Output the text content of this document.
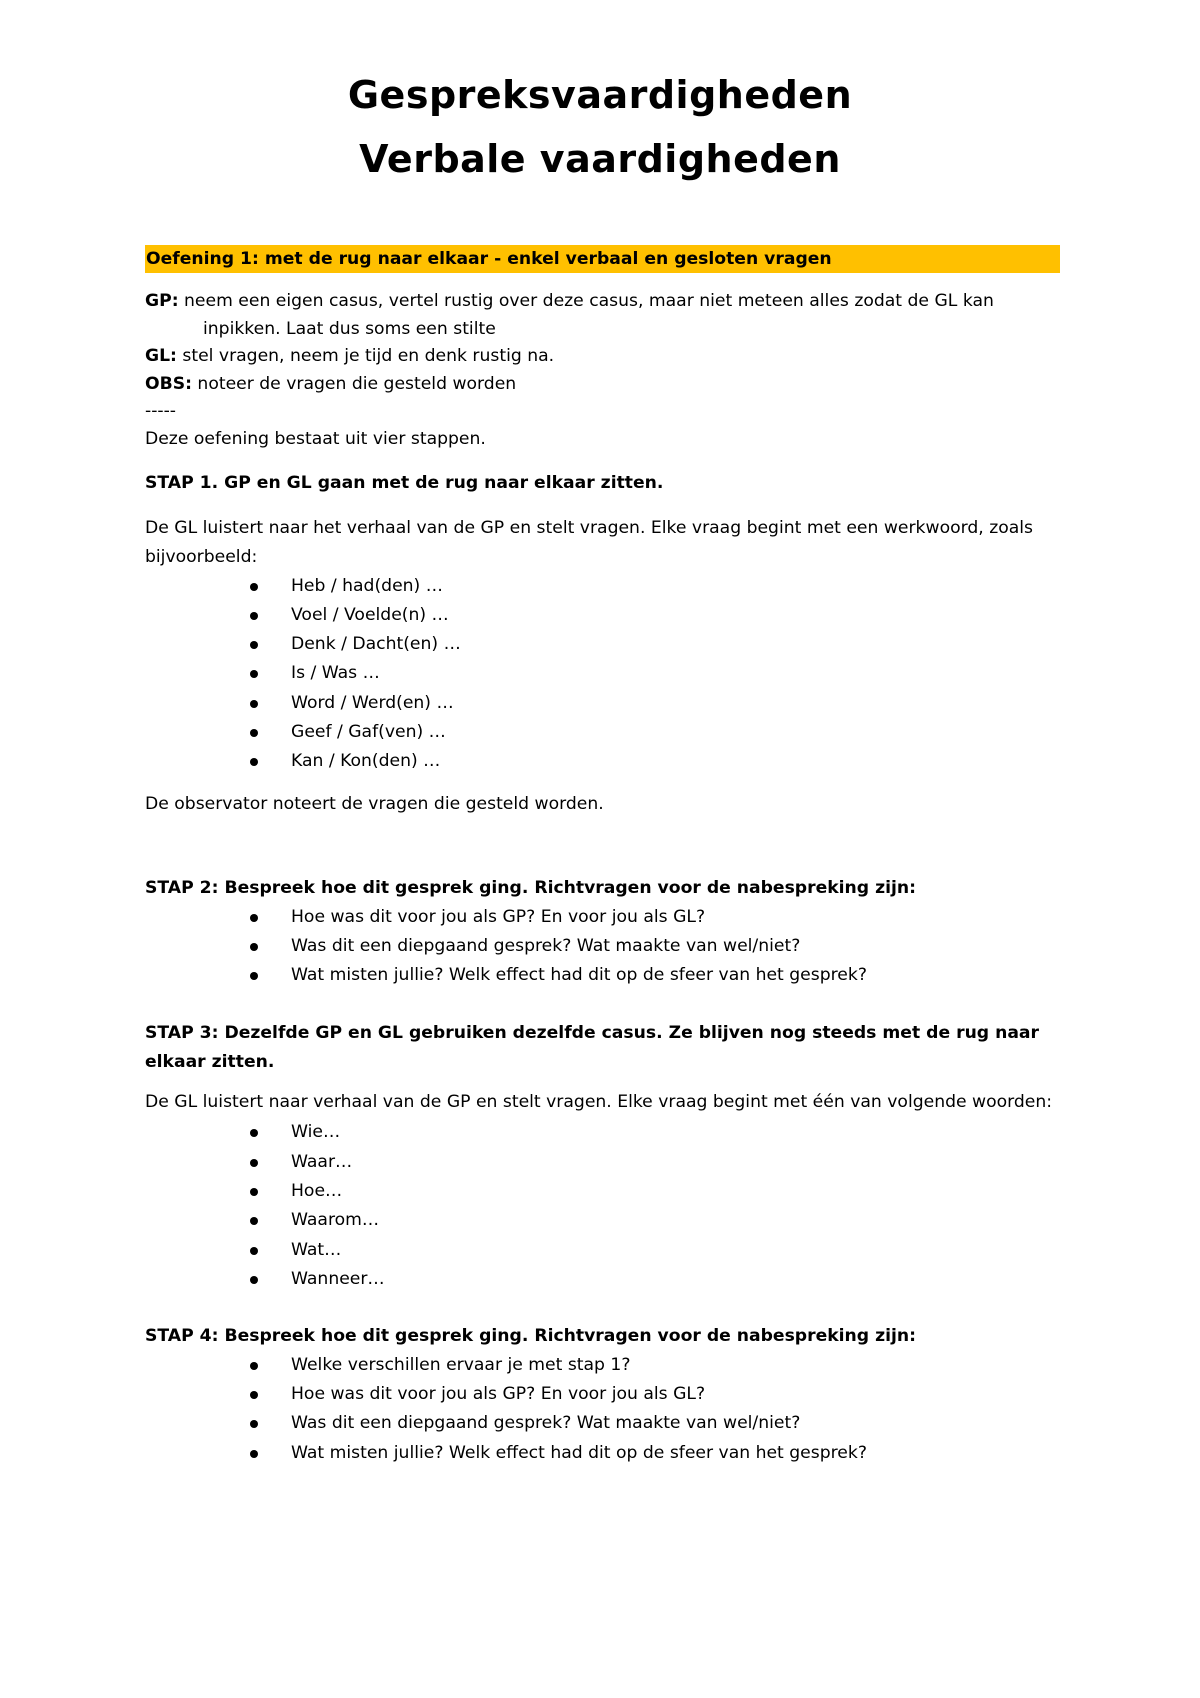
Gespreksvaardigheden
Verbale vaardigheden
Oefening 1: met de rug naar elkaar - enkel verbaal en gesloten vragen

GP: neem een eigen casus, vertel rustig over deze casus, maar niet meteen alles zodat de GL kan

inpikken. Laat dus soms een stilte

GL: stel vragen, neem je tijd en denk rustig na.

OBS: noteer de vragen die gesteld worden

-----

Deze oefening bestaat uit vier stappen.

STAP 1. GP en GL gaan met de rug naar elkaar zitten.

De GL luistert naar het verhaal van de GP en stelt vragen. Elke vraag begint met een werkwoord, zoals bijvoorbeeld:

Heb / had(den) …
Voel / Voelde(n) …
Denk / Dacht(en) …
Is / Was …
Word / Werd(en) …
Geef / Gaf(ven) …
Kan / Kon(den) …

De observator noteert de vragen die gesteld worden.

STAP 2: Bespreek hoe dit gesprek ging. Richtvragen voor de nabespreking zijn:

Hoe was dit voor jou als GP? En voor jou als GL?
Was dit een diepgaand gesprek? Wat maakte van wel/niet?
Wat misten jullie? Welk effect had dit op de sfeer van het gesprek?

STAP 3: Dezelfde GP en GL gebruiken dezelfde casus. Ze blijven nog steeds met de rug naar elkaar zitten.

De GL luistert naar verhaal van de GP en stelt vragen. Elke vraag begint met één van volgende woorden:

Wie…
Waar…
Hoe…
Waarom…
Wat…
Wanneer…

STAP 4: Bespreek hoe dit gesprek ging. Richtvragen voor de nabespreking zijn:

Welke verschillen ervaar je met stap 1?
Hoe was dit voor jou als GP? En voor jou als GL?
Was dit een diepgaand gesprek? Wat maakte van wel/niet?
Wat misten jullie? Welk effect had dit op de sfeer van het gesprek?
